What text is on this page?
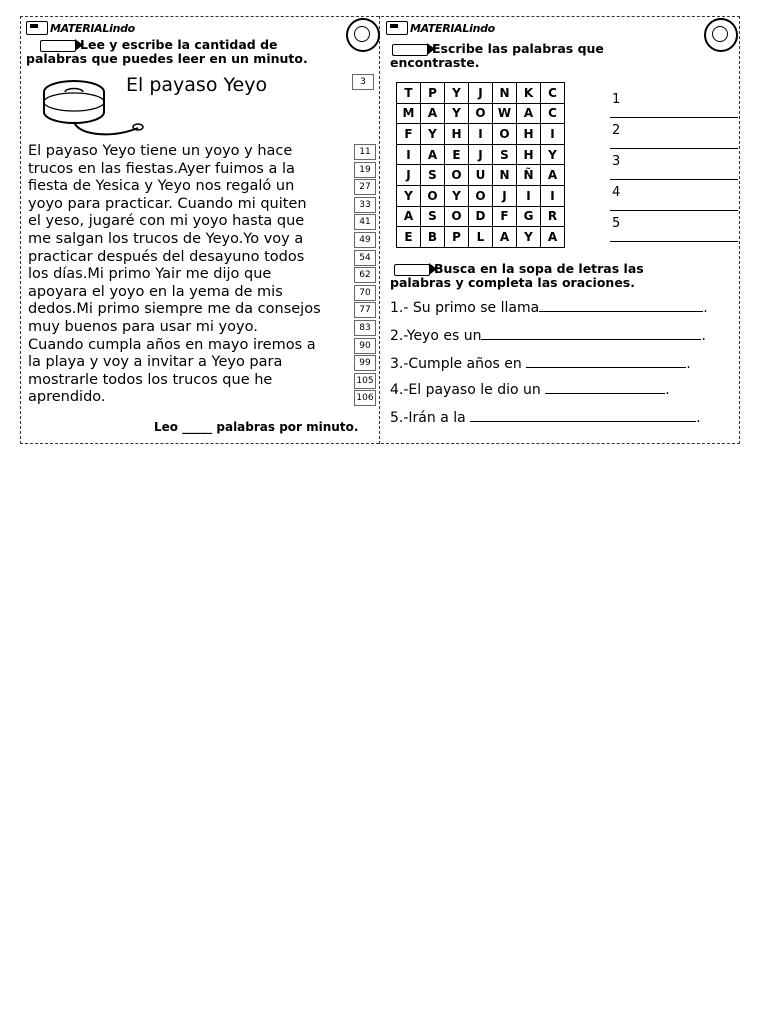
MATERIALindo
Lee y escribe la cantidad de
palabras que puedes leer en un minuto.
El payaso Yeyo	3
El payaso Yeyo tiene un yoyo y hace
trucos en las fiestas.Ayer fuimos a la
fiesta de Yesica y Yeyo nos regaló un
yoyo para practicar. Cuando mi quiten
el yeso, jugaré con mi yoyo hasta que
me salgan los trucos de Yeyo.Yo voy a
practicar después del desayuno todos
los días.Mi primo Yair me dijo que
apoyara el yoyo en la yema de mis
dedos.Mi primo siempre me da consejos
muy buenos para usar mi yoyo.
Cuando cumpla años en mayo iremos a
la playa y voy a invitar a Yeyo para
mostrarle todos los trucos que he
aprendido.
11
19
27
33
41
49
54
62
70
77
83
90
99
105
106
Leo _____ palabras por minuto.
MATERIALindo
Escribe las palabras que
encontraste.
T	P	Y	J	N	K	C
M	A	Y	O	W	A	C
F	Y	H	I	O	H	I
I	A	E	J	S	H	Y
J	S	O	U	N	Ñ	A
Y	O	Y	O	J	I	I
A	S	O	D	F	G	R
E	B	P	L	A	Y	A
1
2
3
4
5
Busca en la sopa de letras las
palabras y completa las oraciones.
1.- Su primo se llama	.
2.-Yeyo es un	.
3.-Cumple años en	.
4.-El payaso le dio un	.
5.-Irán a la	.
